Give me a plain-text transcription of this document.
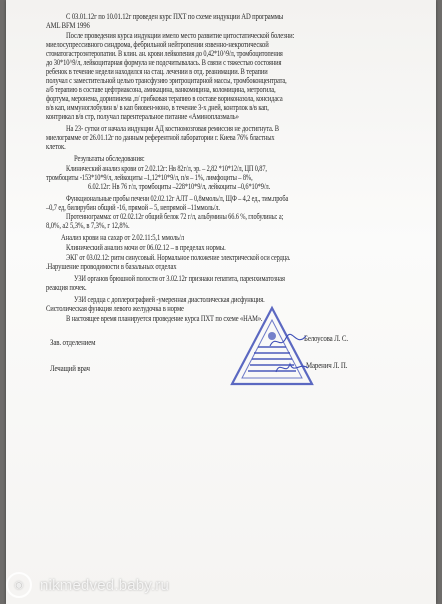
С 03.01.12г по 10.01.12г проведен курс ПХТ по схеме индукции AD программы
AML BFM 1996
После проведения курса индукции имело место развитие цитостатической болезни:
миелосупрессивного синдрома, фебрильной нейтропении язвенно-некротической
стоматогастроэнтеропатии. В клин. ан. крови лейкопения до 0,42*10^9/л, тромбоцитопения
до 30*10^9/л, лейкоцитарная формула не подсчитывалась. В связи с тяжестью состояния
ребенок в течение недели находился на стац. лечении в отд. реанимации. В терапии
получал с заместительной целью трансфузию эритроцитарной массы, тромбоконцентрата,
а/б терапию в составе цефтриаксона, амикацина, ванкомицина, коломицина, метрогила,
фортума, меронема, дорипинема ,п/ грибковая терапию в составе вориконазола, консидаса
в/в кап, иммуноглобулин в/ в кап биовен-моно, в течение 3-х дней, контрлок в/в кап,
контрикал в/в стр, получал парентеральное питание «Аминоплазмаль»
На 23- сутки от начала индукции АД костномозговая ремиссия не достигнута. В
миелограмме от 26.01.12г по данным референтной лаборатории г. Киева 76% бластных
клеток.
Результаты обследования:
Клинический анализ крови от 2.02.12г: Нв 82г/л, эр. – 2,82 *10*12/л, ЦП 0,87,
тромбоциты -153*10*9/л, лейкоциты –1,12*10*9/л, п/я – 1%, лимфоциты – 8%,
6.02.12г: Нв 76 г/л, тромбоциты –228*10*9/л, лейкоциты –0,6*10*9/л.
Функциональные пробы печени 02.02.12г АЛТ – 0,8ммоль/л, ЩФ – 4,2 ед., тим.проба
–0,7 ед, билирубин общий -16, прямой – 5, непрямой –11ммоль/л.
Протеинограмма: от 02.02.12г общий белок 72 г/л, альбумины 66.6 %, глобулины: а;
8,0%, а2 5,3%, в 7,3%, г 12,8%.
Анализ крови на сахар от 2.02.11:5,1 ммоль/л
Клинический анализ мочи от 06.02.12 – в пределах нормы.
ЭКГ от 03.02.12: ритм синусовый. Нормальное положение электрической оси сердца.
.Нарушение проводимости в базальных отделах
УЗИ органов брюшной полости от 3.02.12г признаки гепатита, паренхиматозная
реакция почек.
УЗИ сердца с доплерографией -умеренная диастолическая дисфункция.
Систолическая функция левого желудочка в норме
В настоящее время планируется проведение курса ПХТ по схеме «НАМ».
Зав. отделением	Белоусова Л. С.
Лечащий врач	Маренич Л. П.
◉	nikmedved.baby.ru
